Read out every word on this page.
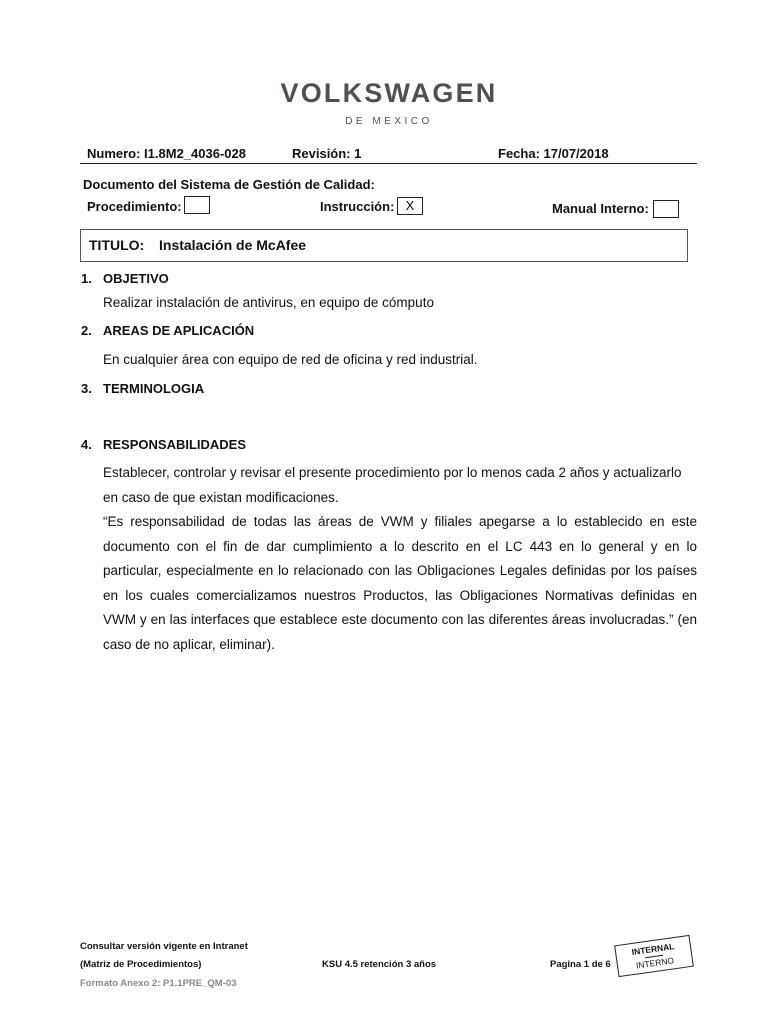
VOLKSWAGEN
DE MEXICO
Numero: I1.8M2_4036-028	Revisión: 1	Fecha: 17/07/2018
Documento del Sistema de Gestión de Calidad:
Procedimiento:	Instrucción: X	Manual Interno:
TITULO: Instalación de McAfee
1. OBJETIVO
Realizar instalación de antivirus, en equipo de cómputo
2. AREAS DE APLICACIÓN
En cualquier área con equipo de red de oficina y red industrial.
3. TERMINOLOGIA
4. RESPONSABILIDADES
Establecer, controlar y revisar el presente procedimiento por lo menos cada 2 años y actualizarlo en caso de que existan modificaciones.
“Es responsabilidad de todas las áreas de VWM y filiales apegarse a lo establecido en este documento con el fin de dar cumplimiento a lo descrito en el LC 443 en lo general y en lo particular, especialmente en lo relacionado con las Obligaciones Legales definidas por los países en los cuales comercializamos nuestros Productos, las Obligaciones Normativas definidas en VWM y en las interfaces que establece este documento con las diferentes áreas involucradas.” (en caso de no aplicar, eliminar).
Consultar versión vigente en Intranet
(Matriz de Procedimientos)	KSU 4.5 retención 3 años	Pagina 1 de 6
Formato Anexo 2: P1.1PRE_QM-03
INTERNAL
INTERNO
